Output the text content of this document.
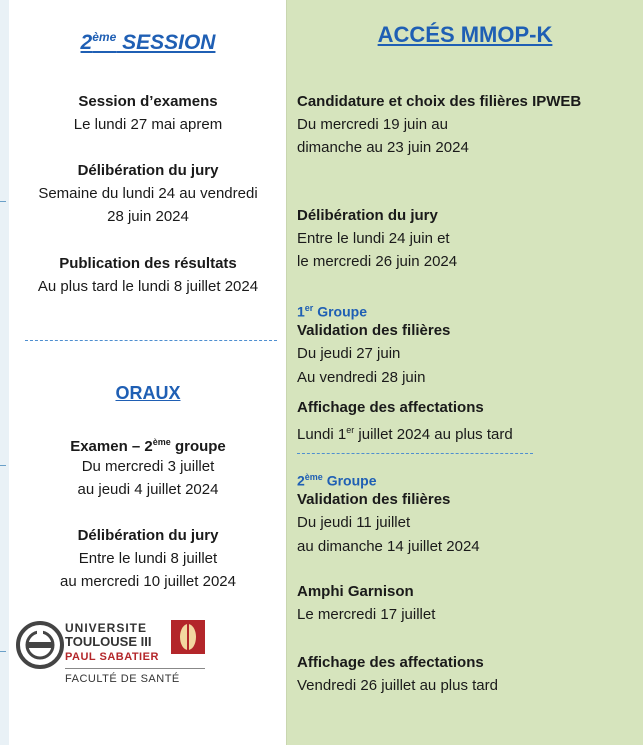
2ème SESSION
Session d’examens
Le lundi 27 mai aprem
Délibération du jury
Semaine du lundi 24 au vendredi
28 juin 2024
Publication des résultats
Au plus tard le lundi 8 juillet 2024
ORAUX
Examen – 2ème groupe
Du mercredi 3 juillet
au jeudi 4 juillet 2024
Délibération du jury
Entre le lundi 8 juillet
au mercredi 10 juillet 2024
UNIVERSITE
TOULOUSE III
PAUL SABATIER
FACULTÉ DE SANTÉ
ACCÉS MMOP-K
Candidature et choix des filières IPWEB
Du mercredi 19 juin au
dimanche au 23 juin 2024
Délibération du jury
Entre le lundi 24 juin et
le mercredi 26 juin 2024
1er Groupe
Validation des filières
Du jeudi 27 juin
Au vendredi 28 juin
Affichage des affectations
Lundi 1er juillet 2024 au plus tard
2ème Groupe
Validation des filières
Du jeudi 11 juillet
au dimanche 14 juillet 2024
Amphi Garnison
Le mercredi 17 juillet
Affichage des affectations
Vendredi 26 juillet au plus tard
